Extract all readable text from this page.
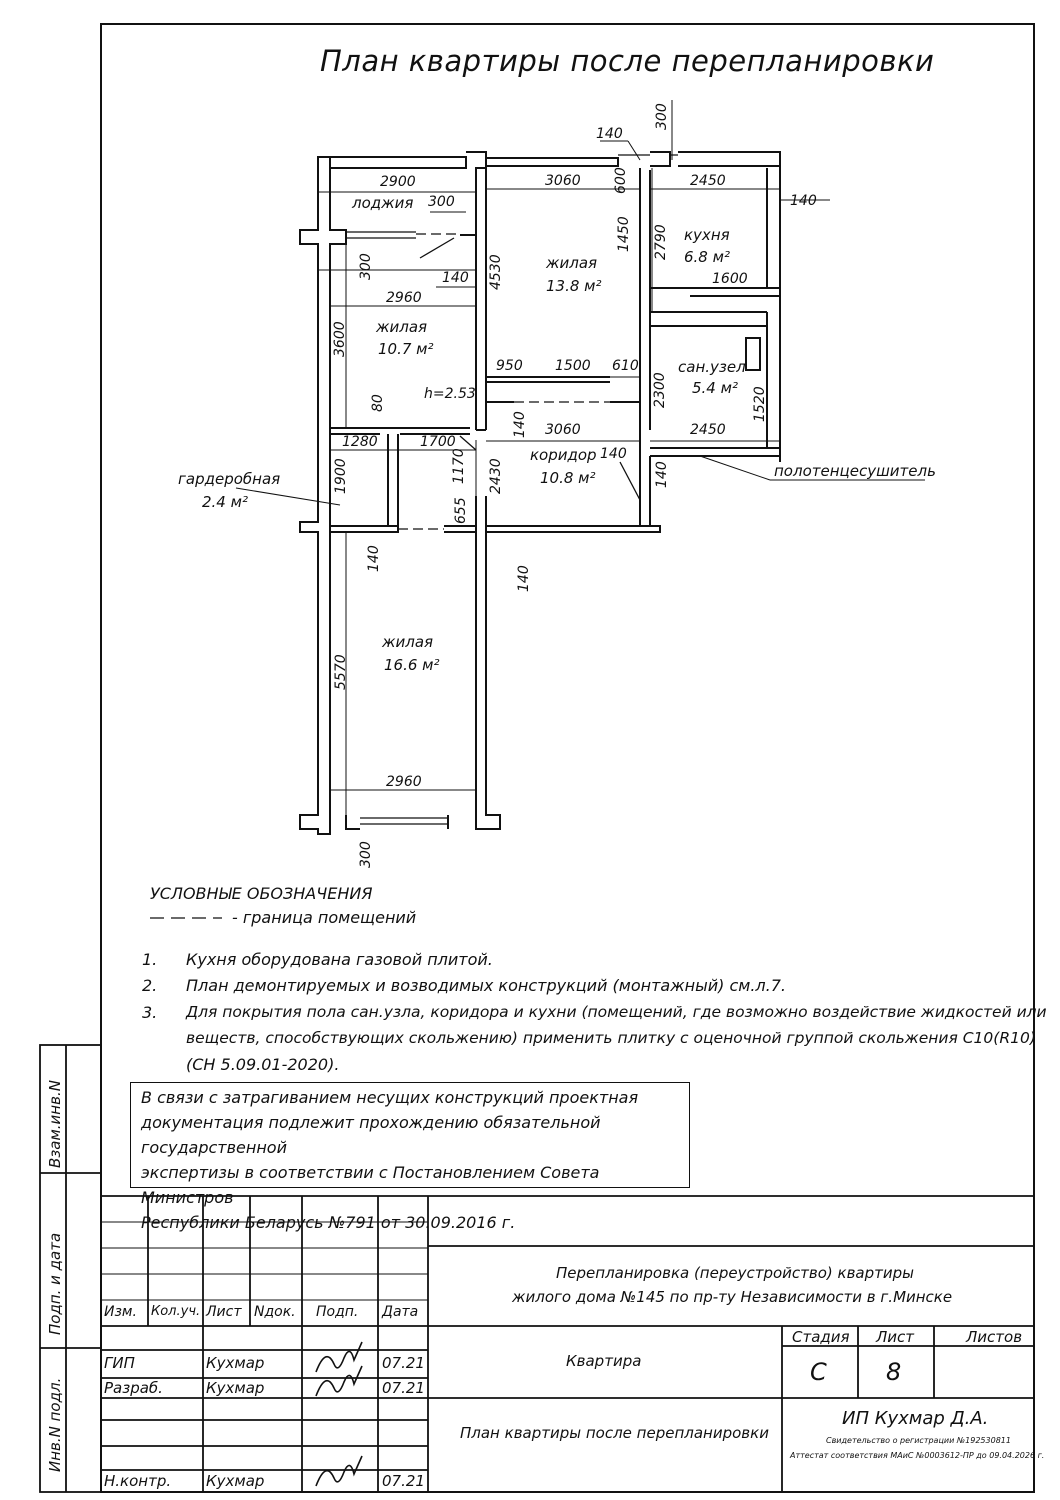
2900
300
140
300
3060 600	2450
140
300
2960
140 4530
1450 2790
1600
3600
950 1500 610
2300
80
140 3060
1520
2450
1280	1700
1170	140
1900	2430
655
140
140
5570
2960
300
140
лоджия
жилая
10.7 м²
жилая
13.8 м²
кухня
6.8 м²
сан.узел
5.4 м²
коридор
10.8 м²
гардеробная
2.4 м²
жилая
16.6 м²
h=2.53
полотенцесушитель
Взам.инв.N
Подп. и дата
Инв.N подл.
План квартиры после перепланировки
УСЛОВНЫЕ ОБОЗНАЧЕНИЯ
- граница помещений
1. Кухня оборудована газовой плитой.
2. План демонтируемых и возводимых конструкций (монтажный) см.л.7.
3. Для покрытия пола сан.узла, коридора и кухни (помещений, где возможно воздействие жидкостей или
веществ, способствующих скольжению) применить плитку с оценочной группой скольжения С10(R10)
(СН 5.09.01-2020).
В связи с затрагиванием несущих конструкций проектная
документация подлежит прохождению обязательной государственной
экспертизы в соответствии с Постановлением Совета Министров
Республики Беларусь №791 от 30.09.2016 г.
Изм. Кол.уч. Лист Nдок. Подп. Дата
Перепланировка (переустройство) квартиры
жилого дома №145 по пр-ту Независимости в г.Минске
Квартира
План квартиры после перепланировки
Стадия Лист	Листов
С 8
ГИП	Кухмар	07.21
Разраб.	Кухмар	07.21
Н.контр. Кухмар	07.21
ИП Кухмар Д.А.
Свидетельство о регистрации №192530811
Аттестат соответствия МАиС №0003612-ПР до 09.04.2026 г.
